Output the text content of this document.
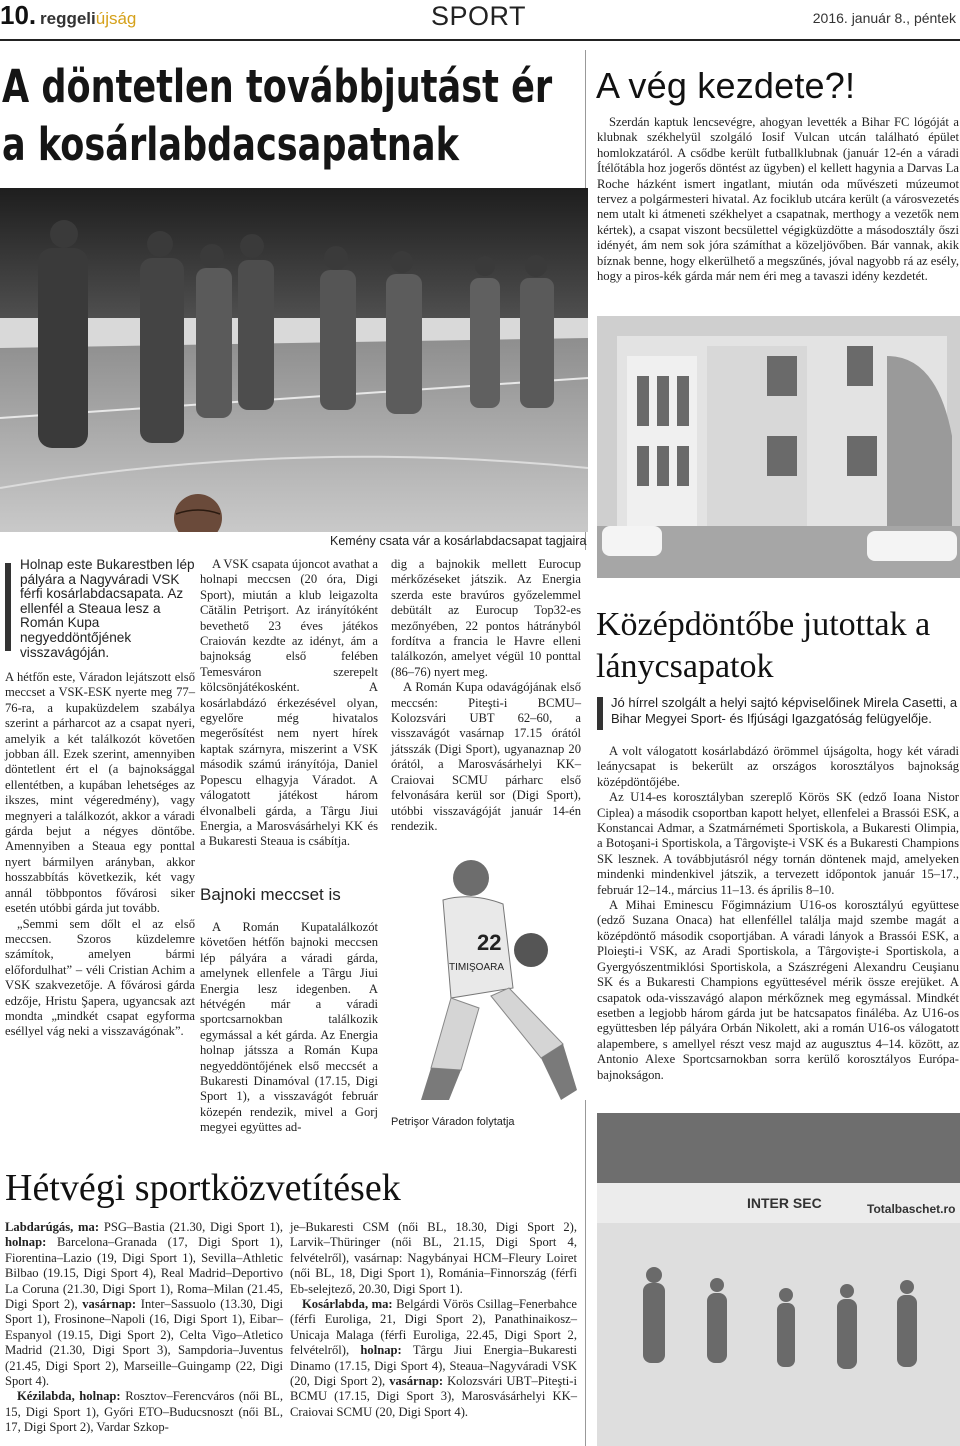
10. reggeliújság	SPORT	2016. január 8., péntek
A döntetlen továbbjutást ér
a kosárlabdacsapatnak
Kemény csata vár a kosárlabdacsapat tagjaira
A vég kezdete?!

Szerdán kaptuk lencsevégre, ahogyan levették a Bihar FC lógóját a klubnak székhelyül szolgáló Iosif Vulcan utcán található épület homlokzatáról. A csődbe került futballklubnak (január 12-én a váradi Ítélőtábla hoz jogerős döntést az ügyben) el kellett hagynia a Darvas La Roche házként ismert ingatlant, miután oda művészeti múzeumot tervez a polgármesteri hivatal. Az fociklub utcára került (a városvezetés nem utalt ki átmeneti székhelyet a csapatnak, merthogy a vezetők nem kértek), a csapat viszont becsülettel végigküzdötte a másodosztály őszi idényét, ám nem sok jóra számíthat a közeljövőben. Bár vannak, akik bíznak benne, hogy elkerülhető a megszűnés, jóval nagyobb rá az esély, hogy a piros-kék gárda már nem éri meg a tavaszi idény kezdetét.

Holnap este Bukarestben lép pályára a Nagyváradi VSK férfi kosárlabdacsapata. Az ellenfél a Steaua lesz a Román Kupa negyeddöntőjének visszavágóján.

A hétfőn este, Váradon lejátszott első meccset a VSK-ESK nyerte meg 77–76-ra, a kupaküzdelem szabálya szerint a párharcot az a csapat nyeri, amelyik a két találkozót követően jobban áll. Ezek szerint, amennyiben döntetlent ért el (a bajnoksággal ellentétben, a kupában lehetséges az ikszes, mint végeredmény), vagy megnyeri a találkozót, akkor a váradi gárda bejut a négyes döntőbe. Amennyiben a Steaua egy ponttal nyert bármilyen arányban, akkor hosszabbítás következik, két vagy annál többpontos fővárosi siker esetén utóbbi gárda jut tovább.

„Semmi sem dőlt el az első meccsen. Szoros küzdelemre számítok, amelyen bármi előfordulhat” – véli Cristian Achim a VSK szakvezetője. A fővárosi gárda edzője, Hristu Şapera, ugyancsak azt mondta „mindkét csapat egyforma eséllyel vág neki a visszavágónak”.

A VSK csapata újoncot avathat a holnapi meccsen (20 óra, Digi Sport), miután a klub leigazolta Cătălin Petrişort. Az irányítóként bevethető 23 éves játékos Craiován kezdte az idényt, ám a bajnokság első felében Temesváron szerepelt kölcsönjátékosként. A kosárlabdázó érkezésével olyan, egyelőre még hivatalos megerősítést nem nyert hírek kaptak szárnyra, miszerint a VSK második számú irányítója, Daniel Popescu elhagyja Váradot. A válogatott játékost három élvonalbeli gárda, a Târgu Jiui Energia, a Marosvásárhelyi KK és a Bukaresti Steaua is csábítja.

Bajnoki meccset is

A Román Kupatalálkozót követően hétfőn bajnoki meccsen lép pályára a váradi gárda, amelynek ellenfele a Târgu Jiui Energia lesz idegenben. A hétvégén már a váradi sportcsarnokban találkozik egymással a két gárda. Az Energia holnap játssza a Román Kupa negyeddöntőjének első meccsét a Bukaresti Dinamóval (17.15, Digi Sport 1), a visszavágót február közepén rendezik, mivel a Gorj megyei együttes ad-

dig a bajnokik mellett Eurocup mérkőzéseket játszik. Az Energia szerda este bravúros győzelemmel debütált az Eurocup Top32-es mezőnyében, 22 pontos hátrányból fordítva a francia le Havre elleni találkozón, amelyet végül 10 ponttal (86–76) nyert meg.

A Román Kupa odavágójának első meccsén: Piteşti-i BCMU–Kolozsvári UBT 62–60, a visszavágót vasárnap 17.15 órától játsszák (Digi Sport), ugyanaznap 20 órától, a Marosvásárhelyi KK–Craiovai SCMU párharc első felvonására kerül sor (Digi Sport), utóbbi visszavágóját január 14-én rendezik.

22
TIMIŞOARA
Petrişor Váradon folytatja
Középdöntőbe jutottak a lánycsapatok
Jó hírrel szolgált a helyi sajtó képviselőinek Mirela Casetti, a Bihar Megyei Sport- és Ifjúsági Igazgatóság felügyelője.

A volt válogatott kosárlabdázó örömmel újságolta, hogy két váradi leánycsapat is bekerült az országos korosztályos bajnokság középdöntőjébe.

Az U14-es korosztályban szereplő Körös SK (edző Ioana Nistor Ciplea) a második csoportban kapott helyet, ellenfelei a Brassói ESK, a Konstancai Admar, a Szatmárnémeti Sportiskola, a Bukaresti Olimpia, a Botoşani-i Sportiskola, a Târgovişte-i VSK és a Bukaresti Champions SK lesznek. A továbbjutásról négy tornán döntenek majd, amelyeken mindenki mindenkivel játszik, a tervezett időpontok január 15–17., február 12–14., március 11–13. és április 8–10.

A Mihai Eminescu Főgimnázium U16-os korosztályú együttese (edző Suzana Onaca) hat ellenféllel találja majd szembe magát a középdöntő második csoportjában. A váradi lányok a Brassói ESK, a Ploieşti-i VSK, az Aradi Sportiskola, a Târgovişte-i Sportiskola, a Gyergyószentmiklósi Sportiskola, a Szászrégeni Alexandru Ceuşianu SK és a Bukaresti Champions együttesével mérik össze erejüket. A csapatok oda-visszavágó alapon mérkőznek meg egymással. Mindkét esetben a legjobb három gárda jut be hatcsapatos fináléba. Az U16-os együttesben lép pályára Orbán Nikolett, aki a román U16-os válogatott alapembere, s amellyel részt vesz majd az augusztus 4–14. között, az Antonio Alexe Sportcsarnokban sorra kerülő korosztályos Európa-bajnokságon.

INTER SEC	Totalbaschet.ro
Hétvégi sportközvetítések

Labdarúgás, ma: PSG–Bastia (21.30, Digi Sport 1), holnap: Barcelona–Granada (17, Digi Sport 1), Fiorentina–Lazio (19, Digi Sport 1), Sevilla–Athletic Bilbao (19.15, Digi Sport 4), Real Madrid–Deportivo La Coruna (21.30, Digi Sport 1), Roma–Milan (21.45, Digi Sport 2), vasárnap: Inter–Sassuolo (13.30, Digi Sport 1), Frosinone–Napoli (16, Digi Sport 1), Eibar–Espanyol (19.15, Digi Sport 2), Celta Vigo–Atletico Madrid (21.30, Digi Sport 3), Sampdoria–Juventus (21.45, Digi Sport 2), Marseille–Guingamp (22, Digi Sport 4).

Kézilabda, holnap: Rosztov–Ferencváros (női BL, 15, Digi Sport 1), Győri ETO–Buducsnoszt (női BL, 17, Digi Sport 2), Vardar Szkop-

je–Bukaresti CSM (női BL, 18.30, Digi Sport 2), Larvik–Thüringer (női BL, 21.15, Digi Sport 4, felvételről), vasárnap: Nagybányai HCM–Fleury Loiret (női BL, 18, Digi Sport 1), Románia–Finnország (férfi Eb-selejtező, 20.30, Digi Sport 1).

Kosárlabda, ma: Belgárdi Vörös Csillag–Fenerbahce (férfi Euroliga, 21, Digi Sport 2), Panathinaikosz–Unicaja Malaga (férfi Euroliga, 22.45, Digi Sport 2, felvételről), holnap: Târgu Jiui Energia–Bukaresti Dinamo (17.15, Digi Sport 4), Steaua–Nagyváradi VSK (20, Digi Sport 2), vasárnap: Kolozsvári UBT–Piteşti-i BCMU (17.15, Digi Sport 3), Marosvásárhelyi KK–Craiovai SCMU (20, Digi Sport 4).
